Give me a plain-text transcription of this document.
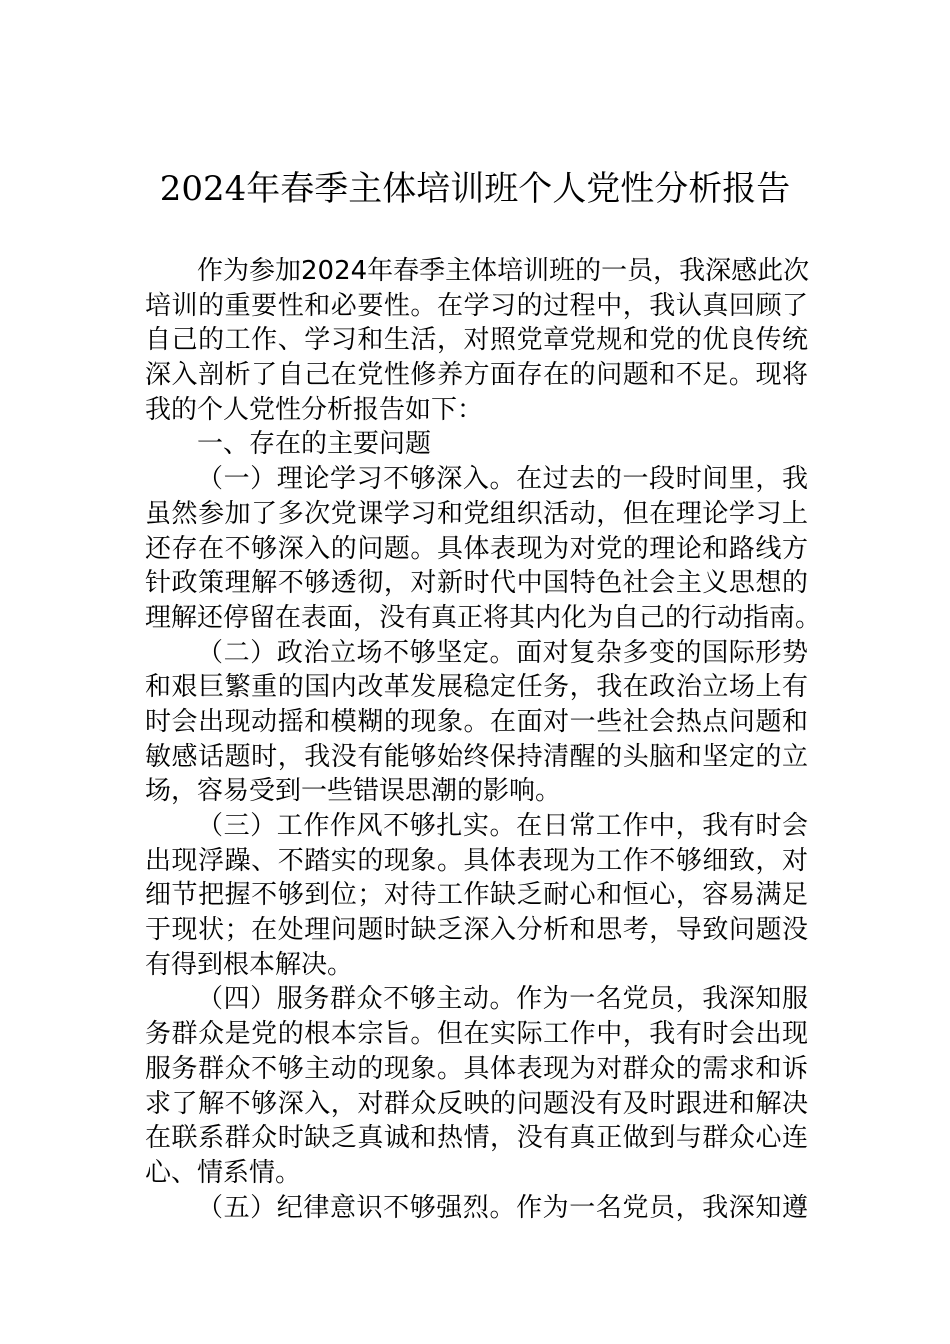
2024年春季主体培训班个人党性分析报告
作为参加2024年春季主体培训班的一员，我深感此次
培训的重要性和必要性。在学习的过程中，我认真回顾了
自己的工作、学习和生活，对照党章党规和党的优良传统
深入剖析了自己在党性修养方面存在的问题和不足。现将
我的个人党性分析报告如下：
一、存在的主要问题
（一）理论学习不够深入。在过去的一段时间里，我
虽然参加了多次党课学习和党组织活动，但在理论学习上
还存在不够深入的问题。具体表现为对党的理论和路线方
针政策理解不够透彻，对新时代中国特色社会主义思想的
理解还停留在表面，没有真正将其内化为自己的行动指南。
（二）政治立场不够坚定。面对复杂多变的国际形势
和艰巨繁重的国内改革发展稳定任务，我在政治立场上有
时会出现动摇和模糊的现象。在面对一些社会热点问题和
敏感话题时，我没有能够始终保持清醒的头脑和坚定的立
场，容易受到一些错误思潮的影响。
（三）工作作风不够扎实。在日常工作中，我有时会
出现浮躁、不踏实的现象。具体表现为工作不够细致，对
细节把握不够到位；对待工作缺乏耐心和恒心，容易满足
于现状；在处理问题时缺乏深入分析和思考，导致问题没
有得到根本解决。
（四）服务群众不够主动。作为一名党员，我深知服
务群众是党的根本宗旨。但在实际工作中，我有时会出现
服务群众不够主动的现象。具体表现为对群众的需求和诉
求了解不够深入，对群众反映的问题没有及时跟进和解决
在联系群众时缺乏真诚和热情，没有真正做到与群众心连
心、情系情。
（五）纪律意识不够强烈。作为一名党员，我深知遵
